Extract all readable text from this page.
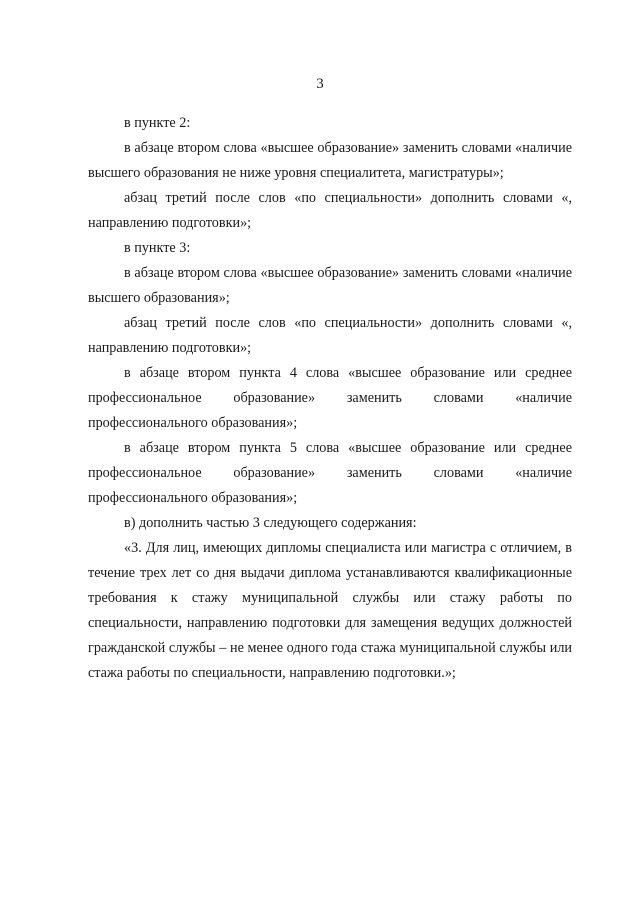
3

в пункте 2:

в абзаце втором слова «высшее образование» заменить словами «наличие высшего образования не ниже уровня специалитета, магистратуры»;

абзац третий после слов «по специальности» дополнить словами «, направлению подготовки»;

в пункте 3:

в абзаце втором слова «высшее образование» заменить словами «наличие высшего образования»;

абзац третий после слов «по специальности» дополнить словами «, направлению подготовки»;

в абзаце втором пункта 4 слова «высшее образование или среднее профессиональное образование» заменить словами «наличие профессионального образования»;

в абзаце втором пункта 5 слова «высшее образование или среднее профессиональное образование» заменить словами «наличие профессионального образования»;

в) дополнить частью 3 следующего содержания:

«3. Для лиц, имеющих дипломы специалиста или магистра с отличием, в течение трех лет со дня выдачи диплома устанавливаются квалификационные требования к стажу муниципальной службы или стажу работы по специальности, направлению подготовки для замещения ведущих должностей гражданской службы – не менее одного года стажа муниципальной службы или стажа работы по специальности, направлению подготовки.»;
